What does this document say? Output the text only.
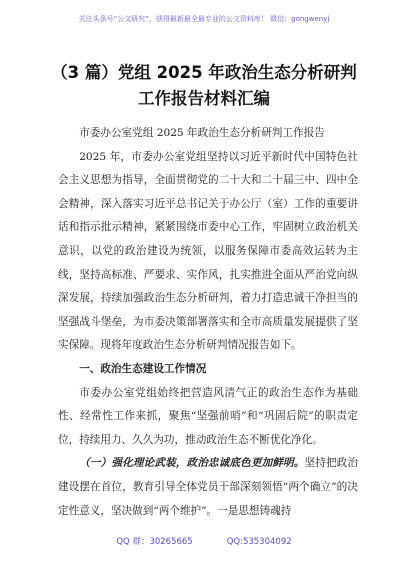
关注头条号“公文研究”，获得最新最全最专业的公文资料库！ 微信：gongwenyj
（3 篇）党组 2025 年政治生态分析研判工作报告材料汇编

市委办公室党组 2025 年政治生态分析研判工作报告

2025 年，市委办公室党组坚持以习近平新时代中国特色社会主义思想为指导，全面贯彻党的二十大和二十届三中、四中全会精神，深入落实习近平总书记关于办公厅（室）工作的重要讲话和指示批示精神，紧紧围绕市委中心工作，牢固树立政治机关意识，以党的政治建设为统领，以服务保障市委高效运转为主线，坚持高标准、严要求、实作风，扎实推进全面从严治党向纵深发展，持续加强政治生态分析研判，着力打造忠诚干净担当的坚强战斗堡垒，为市委决策部署落实和全市高质量发展提供了坚实保障。现将年度政治生态分析研判情况报告如下。

一、政治生态建设工作情况

市委办公室党组始终把营造风清气正的政治生态作为基础性、经常性工作来抓，聚焦“坚强前哨”和“巩固后院”的职责定位，持续用力、久久为功，推动政治生态不断优化净化。

（一）强化理论武装，政治忠诚底色更加鲜明。坚持把政治建设摆在首位，教育引导全体党员干部深刻领悟“两个确立”的决定性意义，坚决做到“两个维护”。一是思想铸魂持

QQ 群：30265665	QQ:535304092
